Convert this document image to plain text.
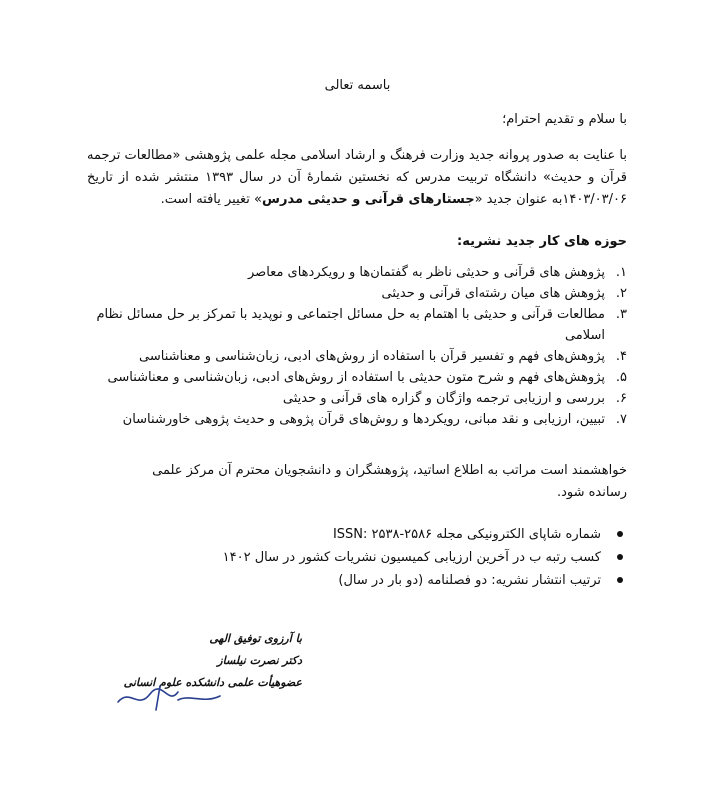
باسمه تعالی
با سلام و تقدیم احترام؛
با عنایت به صدور پروانه جدید وزارت فرهنگ و ارشاد اسلامی مجله علمی پژوهشی «مطالعات ترجمه قرآن و حدیث» دانشگاه تربیت مدرس که نخستین شمارهٔ آن در سال ۱۳۹۳ منتشر شده از تاریخ ۱۴۰۳/۰۳/۰۶به عنوان جدید «جستارهای قرآنی و حدیثی مدرس» تغییر یافته است.
حوزه های کار جدید نشریه:
۱.
پژوهش های قرآنی و حدیثی ناظر به گفتمان‌ها و رویکردهای معاصر
۲.
پژوهش های میان رشته‌ای قرآنی و حدیثی
۳.
مطالعات قرآنی و حدیثی با اهتمام به حل مسائل اجتماعی و نوپدید با تمرکز بر حل مسائل نظام اسلامی
۴.
پژوهش‌های فهم و تفسیر قرآن با استفاده از روش‌های ادبی، زبان‌شناسی و معناشناسی
۵.
پژوهش‌های فهم و شرح متون حدیثی با استفاده از روش‌های ادبی، زبان‌شناسی و معناشناسی
۶.
بررسی و ارزیابی ترجمه واژگان و گزاره های قرآنی و حدیثی
۷.
تبیین، ارزیابی و نقد مبانی، رویکردها و روش‌های قرآن پژوهی و حدیث پژوهی خاورشناسان
خواهشمند است مراتب به اطلاع اساتید، پژوهشگران و دانشجویان محترم آن مرکز علمی رسانده شود.
شماره شاپای الکترونیکی مجله ۲۵۸۶-۲۵۳۸ :ISSN
کسب رتبه ب در آخرین ارزیابی کمیسیون نشریات کشور در سال ۱۴۰۲
ترتیب انتشار نشریه: دو فصلنامه (دو بار در سال)
با آرزوی توفیق الهی
دکتر نصرت نیلساز
عضوهیأت علمی دانشکده علوم انسانی
